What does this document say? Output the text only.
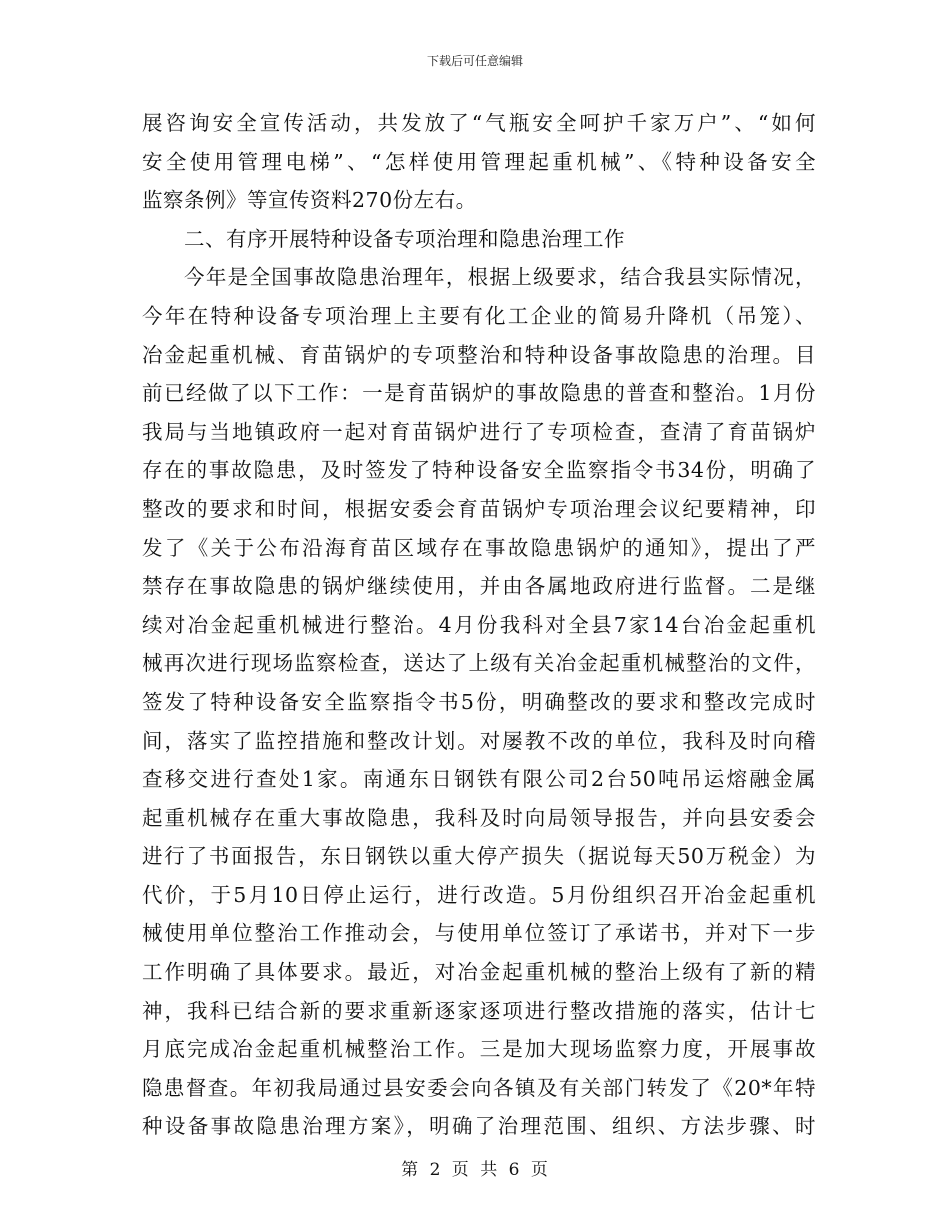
下载后可任意编辑
展咨询安全宣传活动，共发放了“气瓶安全呵护千家万户”、“如何
安全使用管理电梯”、“怎样使用管理起重机械”、《特种设备安全
监察条例》等宣传资料270份左右。
二、有序开展特种设备专项治理和隐患治理工作
今年是全国事故隐患治理年，根据上级要求，结合我县实际情况，
今年在特种设备专项治理上主要有化工企业的简易升降机（吊笼）、
冶金起重机械、育苗锅炉的专项整治和特种设备事故隐患的治理。目
前已经做了以下工作：一是育苗锅炉的事故隐患的普查和整治。1月份
我局与当地镇政府一起对育苗锅炉进行了专项检查，查清了育苗锅炉
存在的事故隐患，及时签发了特种设备安全监察指令书34份，明确了
整改的要求和时间，根据安委会育苗锅炉专项治理会议纪要精神，印
发了《关于公布沿海育苗区域存在事故隐患锅炉的通知》，提出了严
禁存在事故隐患的锅炉继续使用，并由各属地政府进行监督。二是继
续对冶金起重机械进行整治。4月份我科对全县7家14台冶金起重机
械再次进行现场监察检查，送达了上级有关冶金起重机械整治的文件，
签发了特种设备安全监察指令书5份，明确整改的要求和整改完成时
间，落实了监控措施和整改计划。对屡教不改的单位，我科及时向稽
查移交进行查处1家。南通东日钢铁有限公司2台50吨吊运熔融金属
起重机械存在重大事故隐患，我科及时向局领导报告，并向县安委会
进行了书面报告，东日钢铁以重大停产损失（据说每天50万税金）为
代价，于5月10日停止运行，进行改造。5月份组织召开冶金起重机
械使用单位整治工作推动会，与使用单位签订了承诺书，并对下一步
工作明确了具体要求。最近，对冶金起重机械的整治上级有了新的精
神，我科已结合新的要求重新逐家逐项进行整改措施的落实，估计七
月底完成冶金起重机械整治工作。三是加大现场监察力度，开展事故
隐患督查。年初我局通过县安委会向各镇及有关部门转发了《20*年特
种设备事故隐患治理方案》，明确了治理范围、组织、方法步骤、时
第 2 页 共 6 页
